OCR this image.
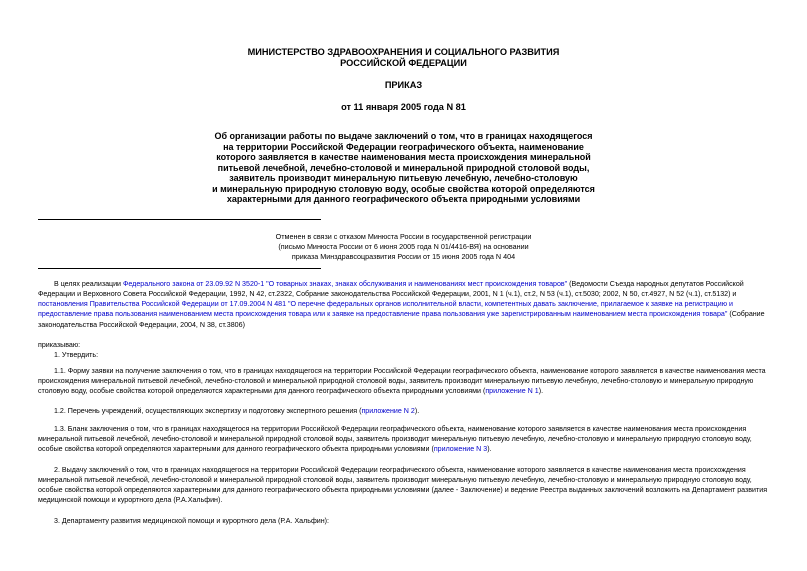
МИНИСТЕРСТВО ЗДРАВООХРАНЕНИЯ И СОЦИАЛЬНОГО РАЗВИТИЯ
РОССИЙСКОЙ ФЕДЕРАЦИИ
ПРИКАЗ
от 11 января 2005 года N 81
Об организации работы по выдаче заключений о том, что в границах находящегося
на территории Российской Федерации географического объекта, наименование
которого заявляется в качестве наименования места происхождения минеральной
питьевой лечебной, лечебно-столовой и минеральной природной столовой воды,
заявитель производит минеральную питьевую лечебную, лечебно-столовую
и минеральную природную столовую воду, особые свойства которой определяются
характерными для данного географического объекта природными условиями
Отменен в связи с отказом Минюста России в государственной регистрации
(письмо Минюста России от 6 июня 2005 года N 01/4416-ВЯ) на основании
приказа Минздравсоцразвития России от 15 июня 2005 года N 404

В целях реализации Федерального закона от 23.09.92 N 3520-1 "О товарных знаках, знаках обслуживания и наименованиях мест происхождения товаров" (Ведомости Съезда народных депутатов Российской Федерации и Верховного Совета Российской Федерации, 1992, N 42, ст.2322, Собрание законодательства Российской Федерации, 2001, N 1 (ч.1), ст.2, N 53 (ч.1), ст.5030; 2002, N 50, ст.4927, N 52 (ч.1), ст.5132) и постановления Правительства Российской Федерации от 17.09.2004 N 481 "О перечне федеральных органов исполнительной власти, компетентных давать заключение, прилагаемое к заявке на регистрацию и предоставление права пользования наименованием места происхождения товара или к заявке на предоставление права пользования уже зарегистрированным наименованием места происхождения товара" (Собрание законодательства Российской Федерации, 2004, N 38, ст.3806)

приказываю:

1. Утвердить:

1.1. Форму заявки на получение заключения о том, что в границах находящегося на территории Российской Федерации географического объекта, наименование которого заявляется в качестве наименования места происхождения минеральной питьевой лечебной, лечебно-столовой и минеральной природной столовой воды, заявитель производит минеральную питьевую лечебную, лечебно-столовую и минеральную природную столовую воду, особые свойства которой определяются характерными для данного географического объекта природными условиями (приложение N 1).

1.2. Перечень учреждений, осуществляющих экспертизу и подготовку экспертного решения (приложение N 2).

1.3. Бланк заключения о том, что в границах находящегося на территории Российской Федерации географического объекта, наименование которого заявляется в качестве наименования места происхождения минеральной питьевой лечебной, лечебно-столовой и минеральной природной столовой воды, заявитель производит минеральную питьевую лечебную, лечебно-столовую и минеральную природную столовую воду, особые свойства которой определяются характерными для данного географического объекта природными условиями (приложение N 3).

2. Выдачу заключений о том, что в границах находящегося на территории Российской Федерации географического объекта, наименование которого заявляется в качестве наименования места происхождения минеральной питьевой лечебной, лечебно-столовой и минеральной природной столовой воды, заявитель производит минеральную питьевую лечебную, лечебно-столовую и минеральную природную столовую воду, особые свойства которой определяются характерными для данного географического объекта природными условиями (далее - Заключение) и ведение Реестра выданных заключений возложить на Департамент развития медицинской помощи и курортного дела (Р.А.Хальфин).

3. Департаменту развития медицинской помощи и курортного дела (Р.А. Хальфин):
